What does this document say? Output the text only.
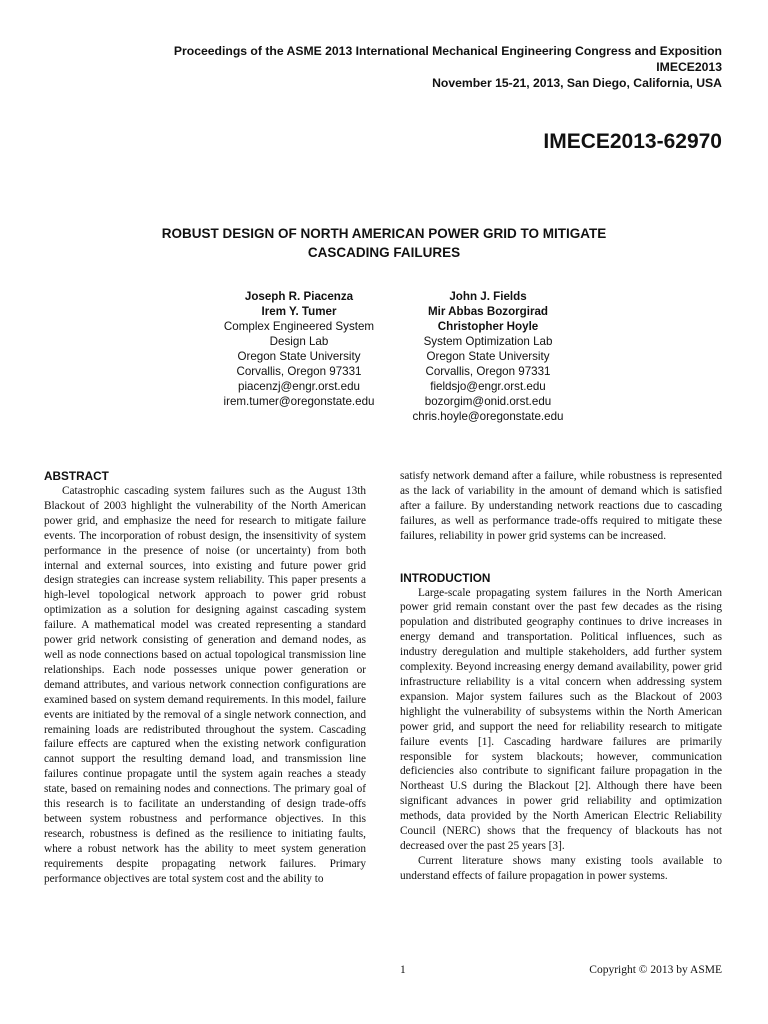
Proceedings of the ASME 2013 International Mechanical Engineering Congress and Exposition
IMECE2013
November 15-21, 2013, San Diego, California, USA
IMECE2013-62970
ROBUST DESIGN OF NORTH AMERICAN POWER GRID TO MITIGATE
CASCADING FAILURES
Joseph R. Piacenza
Irem Y. Tumer
Complex Engineered System
Design Lab
Oregon State University
Corvallis, Oregon 97331
piacenzj@engr.orst.edu
irem.tumer@oregonstate.edu
John J. Fields
Mir Abbas Bozorgirad
Christopher Hoyle
System Optimization Lab
Oregon State University
Corvallis, Oregon 97331
fieldsjo@engr.orst.edu
bozorgim@onid.orst.edu
chris.hoyle@oregonstate.edu
ABSTRACT

Catastrophic cascading system failures such as the August 13th Blackout of 2003 highlight the vulnerability of the North American power grid, and emphasize the need for research to mitigate failure events. The incorporation of robust design, the insensitivity of system performance in the presence of noise (or uncertainty) from both internal and external sources, into existing and future power grid design strategies can increase system reliability. This paper presents a high-level topological network approach to power grid robust optimization as a solution for designing against cascading system failure. A mathematical model was created representing a standard power grid network consisting of generation and demand nodes, as well as node connections based on actual topological transmission line relationships. Each node possesses unique power generation or demand attributes, and various network connection configurations are examined based on system demand requirements. In this model, failure events are initiated by the removal of a single network connection, and remaining loads are redistributed throughout the system. Cascading failure effects are captured when the existing network configuration cannot support the resulting demand load, and transmission line failures continue propagate until the system again reaches a steady state, based on remaining nodes and connections. The primary goal of this research is to facilitate an understanding of design trade-offs between system robustness and performance objectives. In this research, robustness is defined as the resilience to initiating faults, where a robust network has the ability to meet system generation requirements despite propagating network failures. Primary performance objectives are total system cost and the ability to

satisfy network demand after a failure, while robustness is represented as the lack of variability in the amount of demand which is satisfied after a failure. By understanding network reactions due to cascading failures, as well as performance trade-offs required to mitigate these failures, reliability in power grid systems can be increased.

INTRODUCTION

Large-scale propagating system failures in the North American power grid remain constant over the past few decades as the rising population and distributed geography continues to drive increases in energy demand and transportation. Political influences, such as industry deregulation and multiple stakeholders, add further system complexity. Beyond increasing energy demand availability, power grid infrastructure reliability is a vital concern when addressing system expansion. Major system failures such as the Blackout of 2003 highlight the vulnerability of subsystems within the North American power grid, and support the need for reliability research to mitigate failure events [1]. Cascading hardware failures are primarily responsible for system blackouts; however, communication deficiencies also contribute to significant failure propagation in the Northeast U.S during the Blackout [2]. Although there have been significant advances in power grid reliability and optimization methods, data provided by the North American Electric Reliability Council (NERC) shows that the frequency of blackouts has not decreased over the past 25 years [3].

Current literature shows many existing tools available to understand effects of failure propagation in power systems.

1	Copyright © 2013 by ASME
